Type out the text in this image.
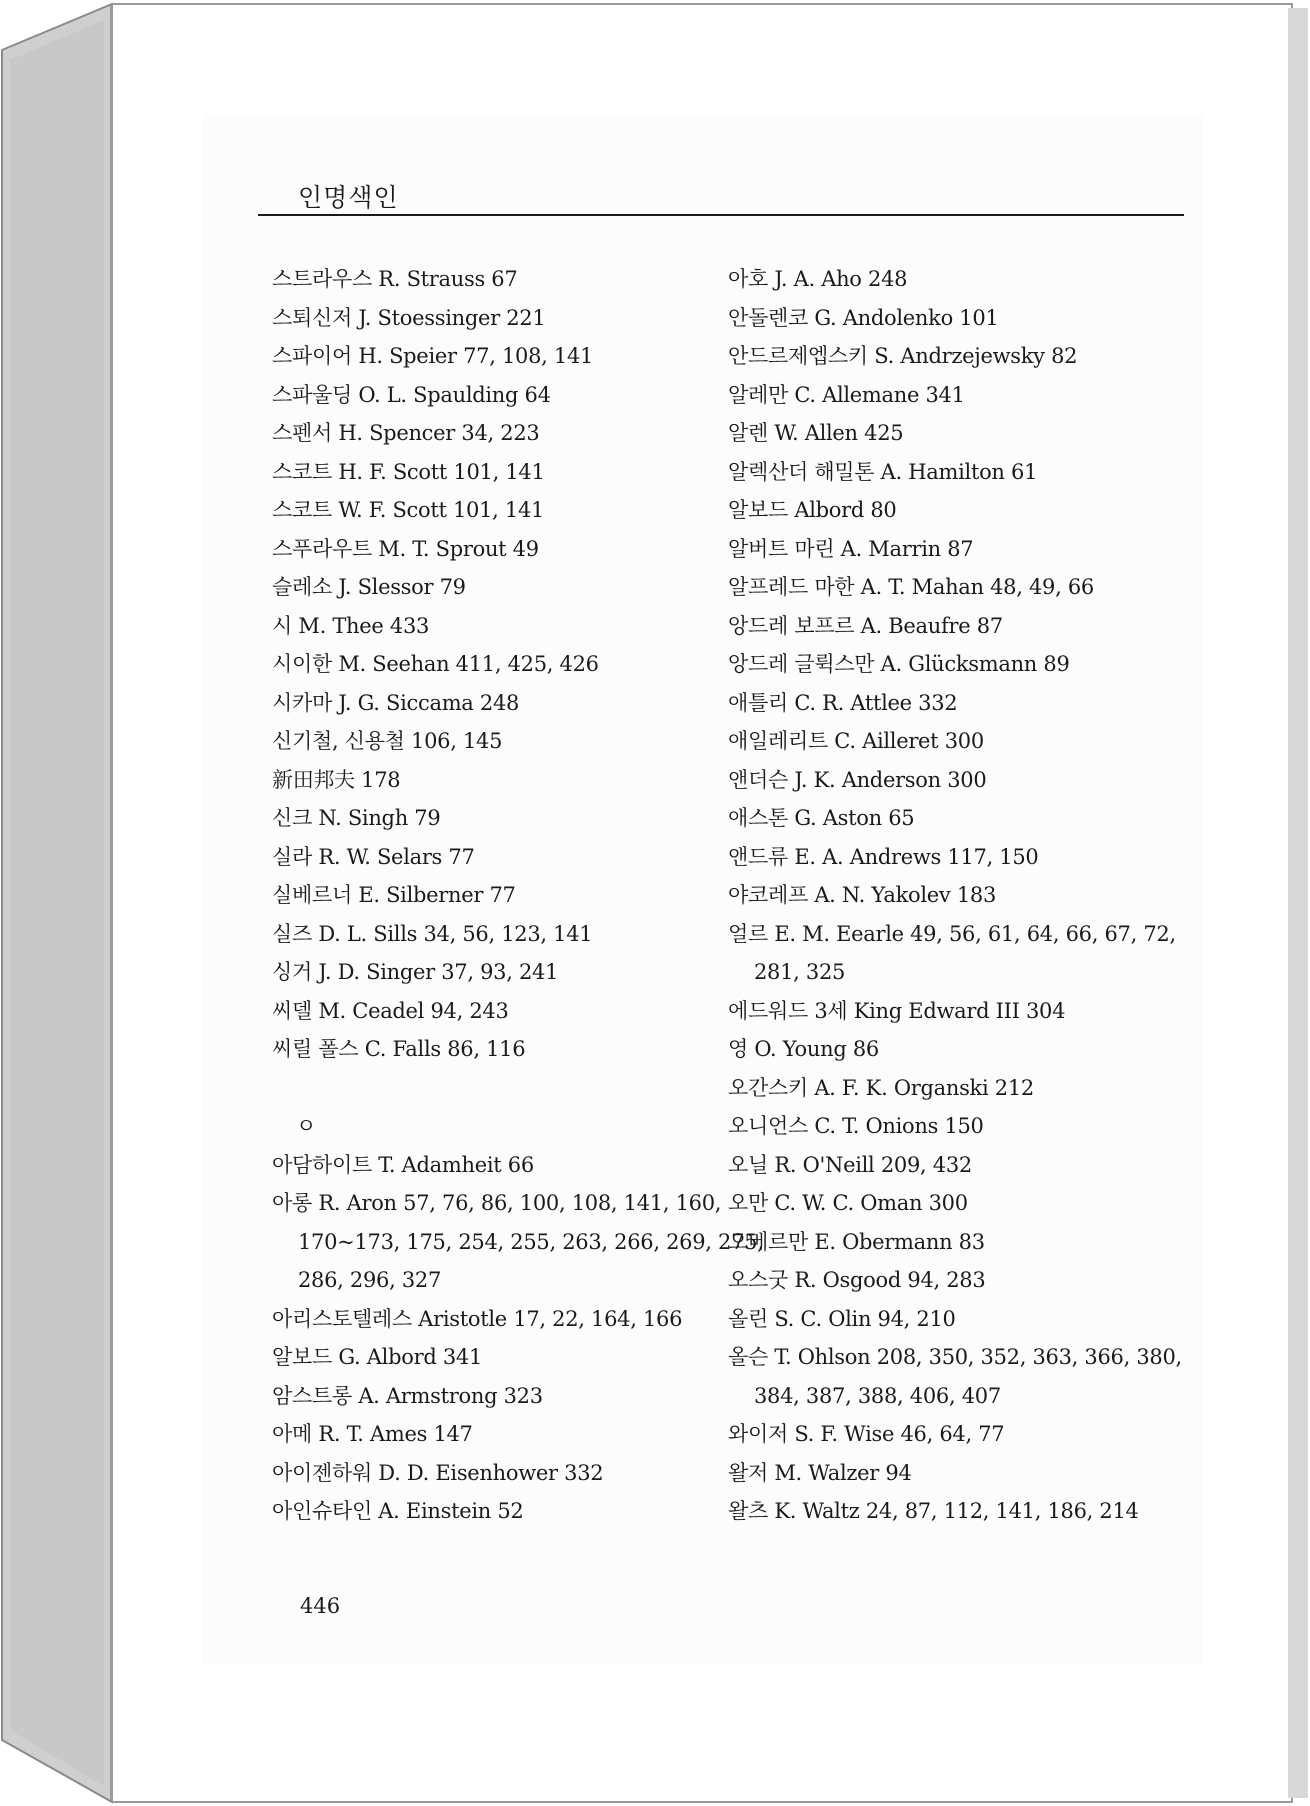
인명색인
스트라우스 R. Strauss 67
스퇴신저 J. Stoessinger 221
스파이어 H. Speier 77, 108, 141
스파울딩 O. L. Spaulding 64
스펜서 H. Spencer 34, 223
스코트 H. F. Scott 101, 141
스코트 W. F. Scott 101, 141
스푸라우트 M. T. Sprout 49
슬레소 J. Slessor 79
시 M. Thee 433
시이한 M. Seehan 411, 425, 426
시카마 J. G. Siccama 248
신기철, 신용철 106, 145
新田邦夫 178
신크 N. Singh 79
실라 R. W. Selars 77
실베르너 E. Silberner 77
실즈 D. L. Sills 34, 56, 123, 141
싱거 J. D. Singer 37, 93, 241
씨델 M. Ceadel 94, 243
씨릴 폴스 C. Falls 86, 116
ㅇ
아담하이트 T. Adamheit 66
아롱 R. Aron 57, 76, 86, 100, 108, 141, 160,
170~173, 175, 254, 255, 263, 266, 269, 275,
286, 296, 327
아리스토텔레스 Aristotle 17, 22, 164, 166
알보드 G. Albord 341
암스트롱 A. Armstrong 323
아메 R. T. Ames 147
아이젠하워 D. D. Eisenhower 332
아인슈타인 A. Einstein 52
아호 J. A. Aho 248
안돌렌코 G. Andolenko 101
안드르제엡스키 S. Andrzejewsky 82
알레만 C. Allemane 341
알렌 W. Allen 425
알렉산더 해밀톤 A. Hamilton 61
알보드 Albord 80
알버트 마린 A. Marrin 87
알프레드 마한 A. T. Mahan 48, 49, 66
앙드레 보프르 A. Beaufre 87
앙드레 글뤽스만 A. Glücksmann 89
애틀리 C. R. Attlee 332
애일레리트 C. Ailleret 300
앤더슨 J. K. Anderson 300
애스톤 G. Aston 65
앤드류 E. A. Andrews 117, 150
야코레프 A. N. Yakolev 183
얼르 E. M. Eearle 49, 56, 61, 64, 66, 67, 72,
281, 325
에드워드 3세 King Edward III 304
영 O. Young 86
오간스키 A. F. K. Organski 212
오니언스 C. T. Onions 150
오닐 R. O'Neill 209, 432
오만 C. W. C. Oman 300
오베르만 E. Obermann 83
오스굿 R. Osgood 94, 283
올린 S. C. Olin 94, 210
올슨 T. Ohlson 208, 350, 352, 363, 366, 380,
384, 387, 388, 406, 407
와이저 S. F. Wise 46, 64, 77
왈저 M. Walzer 94
왈츠 K. Waltz 24, 87, 112, 141, 186, 214
446
